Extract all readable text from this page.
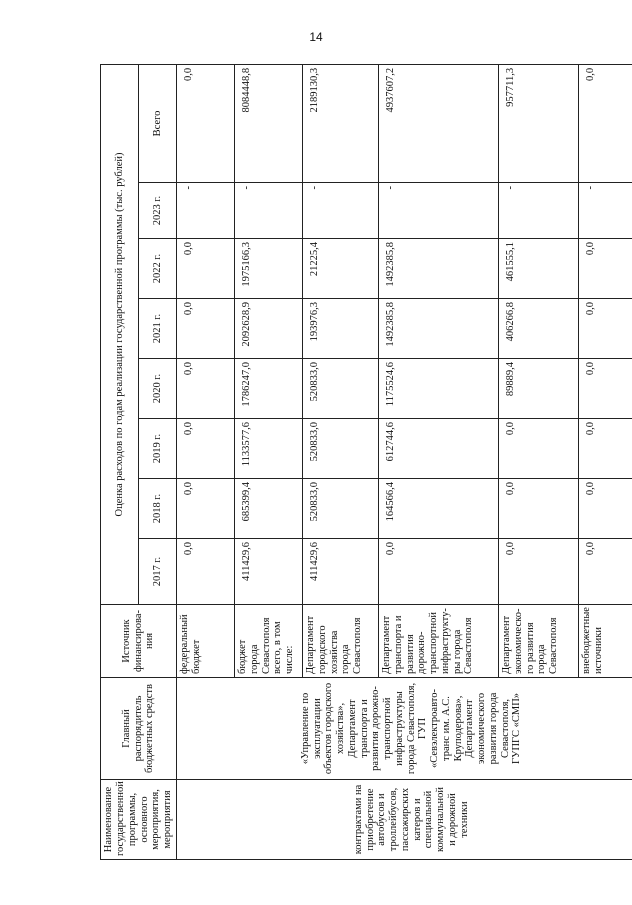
14
Наименование государственной программы, основного мероприятия, мероприятия	Главный распорядитель бюджетных средств	Источник финансирова-ния	Оценка расходов по годам реализации государственной программы (тыс. рублей)							
			2017 г.	2018 г.	2019 г.	2020 г.	2021 г.	2022 г.	2023 г.	Всего
контрактами на приобретение автобусов и троллейбусов, пассажирских катеров и специальной коммунальной и дорожной техники	«Управление по эксплуатации объектов городского хозяйства», Департамент транспорта и развития дорожно-транспортной инфраструктуры города Севастополя, ГУП «Севэлектроавто-транс им. А.С. Круподерова», Департамент экономического развития города Севастополя, ГУПГС «СМП»	федеральный бюджет	0,0	0,0	0,0	0,0	0,0	0,0	-	0,0
		бюджет города Севастополя всего, в том числе:	411429,6	685399,4	1133577,6	1786247,0	2092628,9	1975166,3	-	8084448,8
		Департамент городского хозяйства города Севастополя	411429,6	520833,0	520833,0	520833,0	193976,3	21225,4	-	2189130,3
		Департамент транспорта и развития дорожно-транспортной инфраструкту-ры города Севастополя	0,0	164566,4	612744,6	1175524,6	1492385,8	1492385,8	-	4937607,2
		Департамент экономическо-го развития города Севастополя	0,0	0,0	0,0	89889,4	406266,8	461555,1	-	957711,3
		внебюджетные источники	0,0	0,0	0,0	0,0	0,0	0,0	-	0,0
